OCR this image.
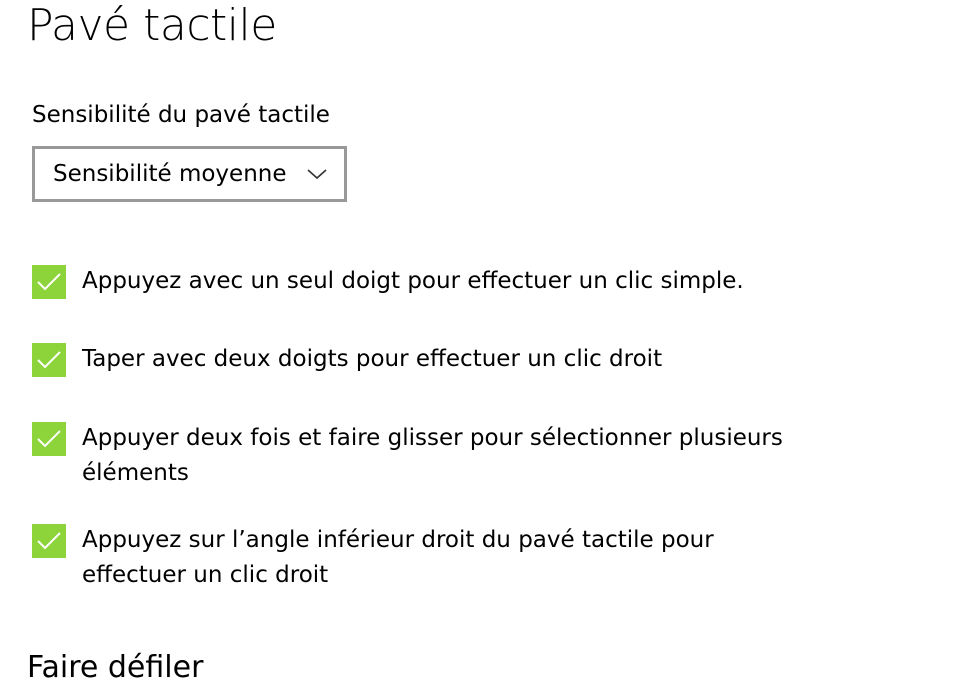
Pavé tactile
Sensibilité du pavé tactile
Sensibilité moyenne
Appuyez avec un seul doigt pour effectuer un clic simple.
Taper avec deux doigts pour effectuer un clic droit
Appuyer deux fois et faire glisser pour sélectionner plusieurs éléments
Appuyez sur l’angle inférieur droit du pavé tactile pour effectuer un clic droit
Faire défiler
